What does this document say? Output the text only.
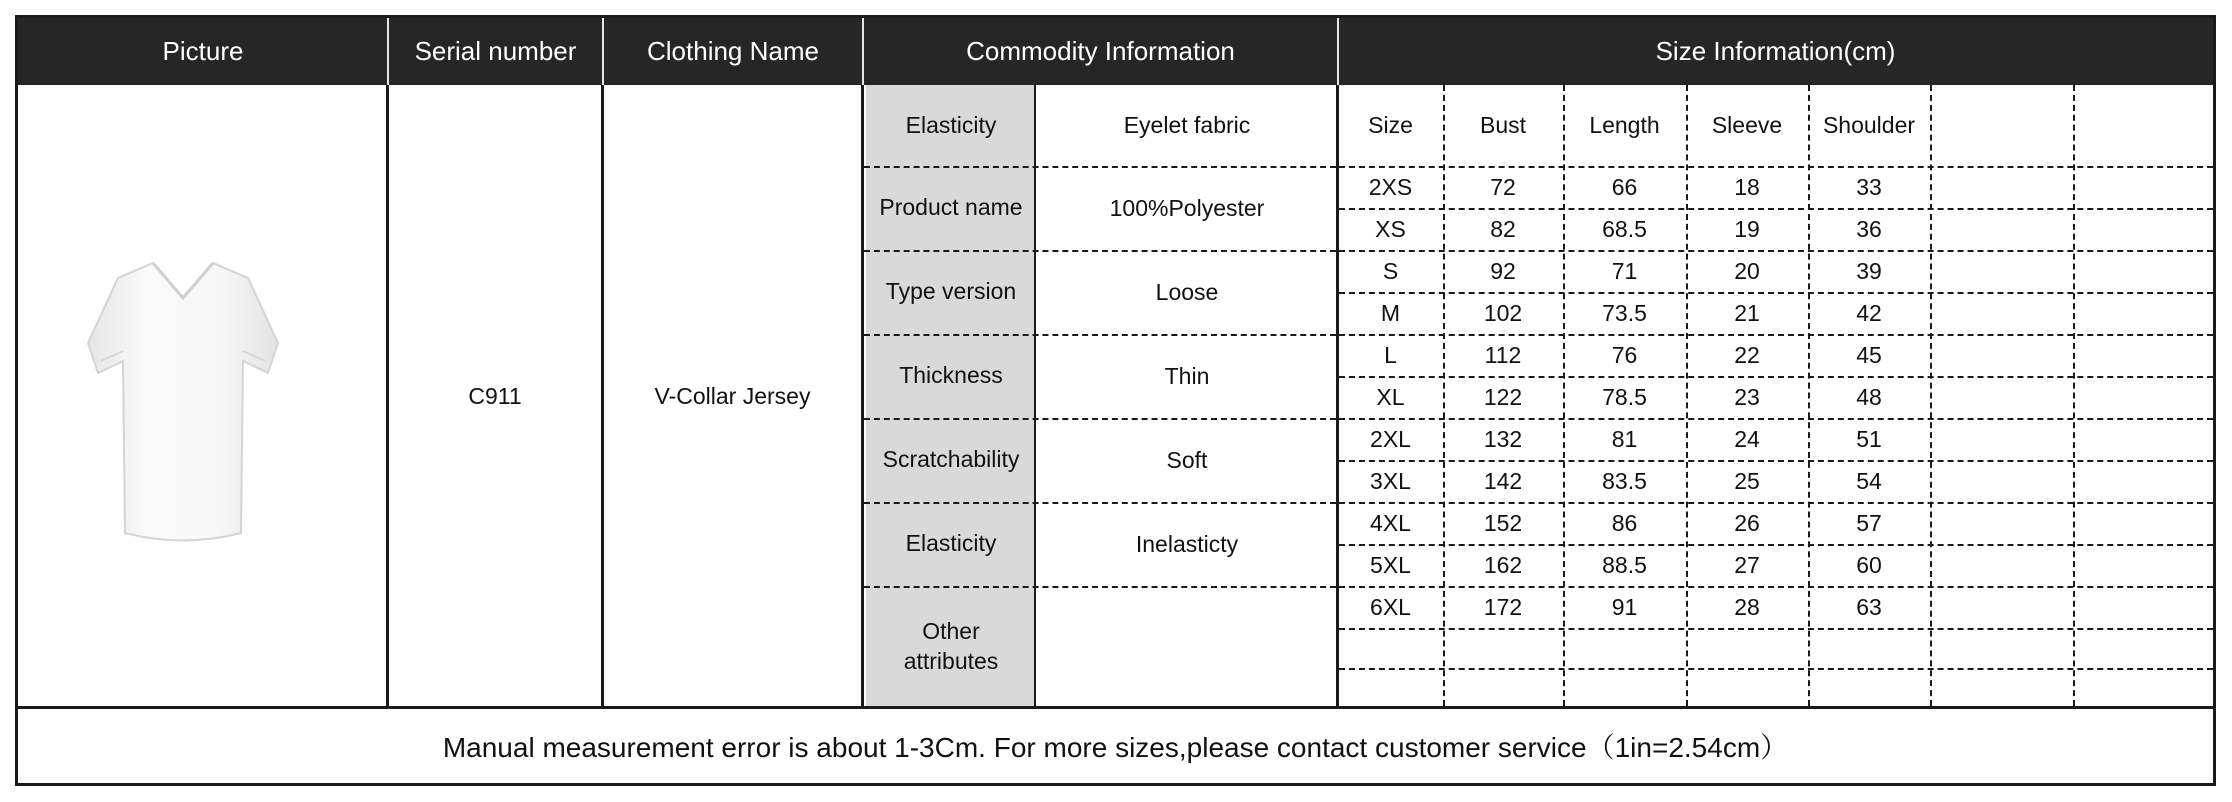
Picture	Serial number	Clothing Name	Commodity Information	Size Information(cm)
C911	V-Collar Jersey
Elasticity	Eyelet fabric
Product name	100%Polyester
Type version	Loose
Thickness	Thin
Scratchability	Soft
Elasticity	Inelasticty
Other attributes
Size	Bust	Length	Sleeve	Shoulder
2XS	72	66	18	33
XS	82	68.5	19	36
S	92	71	20	39
M	102	73.5	21	42
L	112	76	22	45
XL	122	78.5	23	48
2XL	132	81	24	51
3XL	142	83.5	25	54
4XL	152	86	26	57
5XL	162	88.5	27	60
6XL	172	91	28	63
Manual measurement error is about 1-3Cm. For more sizes,please contact customer service（1in=2.54cm）
